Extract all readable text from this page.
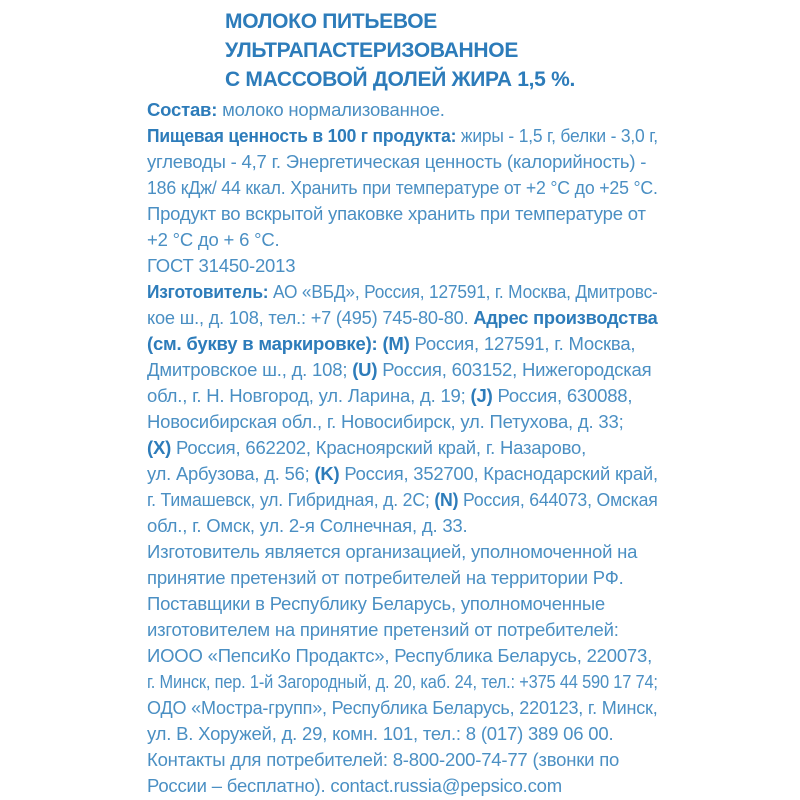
МОЛОКО ПИТЬЕВОЕ
УЛЬТРАПАСТЕРИЗОВАННОЕ
С МАССОВОЙ ДОЛЕЙ ЖИРА 1,5 %.
Состав: молоко нормализованное.
Пищевая ценность в 100 г продукта: жиры - 1,5 г, белки - 3,0 г,
углеводы - 4,7 г. Энергетическая ценность (калорийность) -
186 кДж/ 44 ккал. Хранить при температуре от +2 °С до +25 °С.
Продукт во вскрытой упаковке хранить при температуре от
+2 °С до + 6 °С.
ГОСТ 31450-2013
Изготовитель: АО «ВБД», Россия, 127591, г. Москва, Дмитровс-
кое ш., д. 108, тел.: +7 (495) 745-80-80. Адрес производства
(см. букву в маркировке): (M) Россия, 127591, г. Москва,
Дмитровское ш., д. 108; (U) Россия, 603152, Нижегородская
обл., г. Н. Новгород, ул. Ларина, д. 19; (J) Россия, 630088,
Новосибирская обл., г. Новосибирск, ул. Петухова, д. 33;
(X) Россия, 662202, Красноярский край, г. Назарово,
ул. Арбузова, д. 56; (K) Россия, 352700, Краснодарский край,
г. Тимашевск, ул. Гибридная, д. 2С; (N) Россия, 644073, Омская
обл., г. Омск, ул. 2-я Солнечная, д. 33.
Изготовитель является организацией, уполномоченной на
принятие претензий от потребителей на территории РФ.
Поставщики в Республику Беларусь, уполномоченные
изготовителем на принятие претензий от потребителей:
ИООО «ПепсиКо Продактс», Республика Беларусь, 220073,
г. Минск, пер. 1-й Загородный, д. 20, каб. 24, тел.: +375 44 590 17 74;
ОДО «Мостра-групп», Республика Беларусь, 220123, г. Минск,
ул. В. Хоружей, д. 29, комн. 101, тел.: 8 (017) 389 06 00.
Контакты для потребителей: 8-800-200-74-77 (звонки по
России – бесплатно). contact.russia@pepsico.com
